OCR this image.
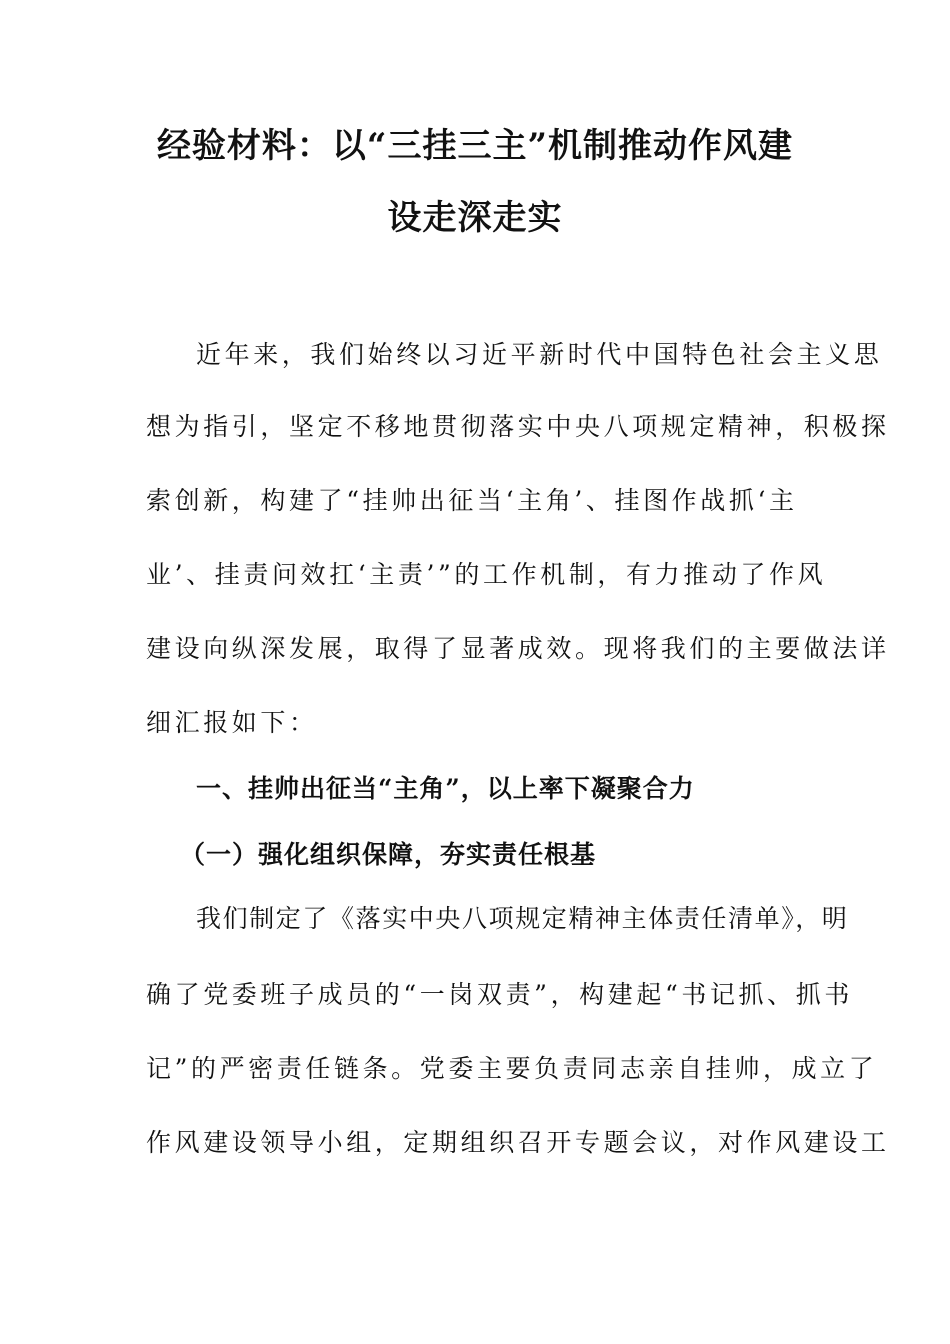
经验材料：以“三挂三主”机制推动作风建
设走深走实
近年来，我们始终以习近平新时代中国特色社会主义思
想为指引，坚定不移地贯彻落实中央八项规定精神，积极探
索创新，构建了“挂帅出征当‘主角’、挂图作战抓‘主
业’、挂责问效扛‘主责’”的工作机制，有力推动了作风
建设向纵深发展，取得了显著成效。现将我们的主要做法详
细汇报如下：
一、挂帅出征当“主角”，以上率下凝聚合力
（一）强化组织保障，夯实责任根基
我们制定了《落实中央八项规定精神主体责任清单》，明
确了党委班子成员的“一岗双责”，构建起“书记抓、抓书
记”的严密责任链条。党委主要负责同志亲自挂帅，成立了
作风建设领导小组，定期组织召开专题会议，对作风建设工
